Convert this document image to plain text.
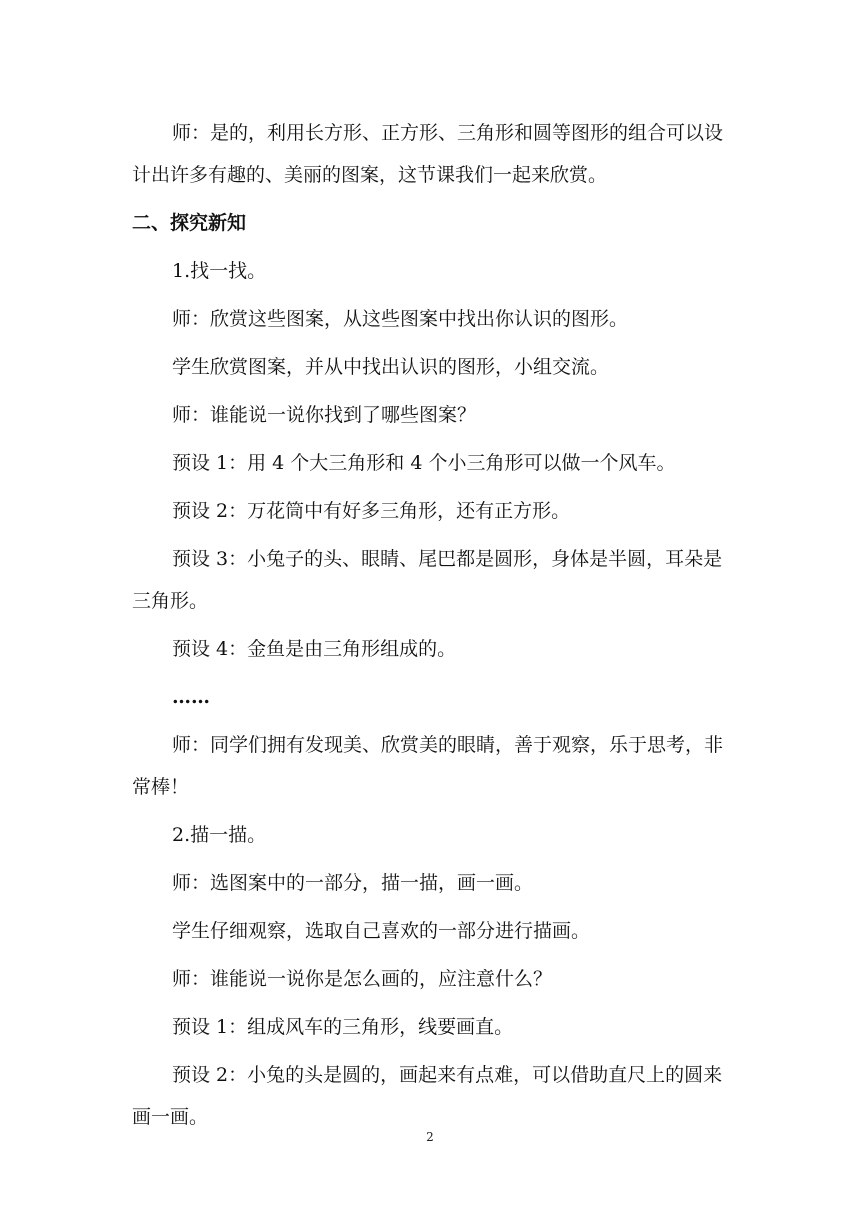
师：是的，利用长方形、正方形、三角形和圆等图形的组合可以设计出许多有趣的、美丽的图案，这节课我们一起来欣赏。

二、探究新知

1.找一找。

师：欣赏这些图案，从这些图案中找出你认识的图形。

学生欣赏图案，并从中找出认识的图形，小组交流。

师：谁能说一说你找到了哪些图案？

预设 1：用 4 个大三角形和 4 个小三角形可以做一个风车。

预设 2：万花筒中有好多三角形，还有正方形。

预设 3：小兔子的头、眼睛、尾巴都是圆形，身体是半圆，耳朵是三角形。

预设 4：金鱼是由三角形组成的。

……

师：同学们拥有发现美、欣赏美的眼睛，善于观察，乐于思考，非常棒！

2.描一描。

师：选图案中的一部分，描一描，画一画。

学生仔细观察，选取自己喜欢的一部分进行描画。

师：谁能说一说你是怎么画的，应注意什么？

预设 1：组成风车的三角形，线要画直。

预设 2：小兔的头是圆的，画起来有点难，可以借助直尺上的圆来画一画。

2
